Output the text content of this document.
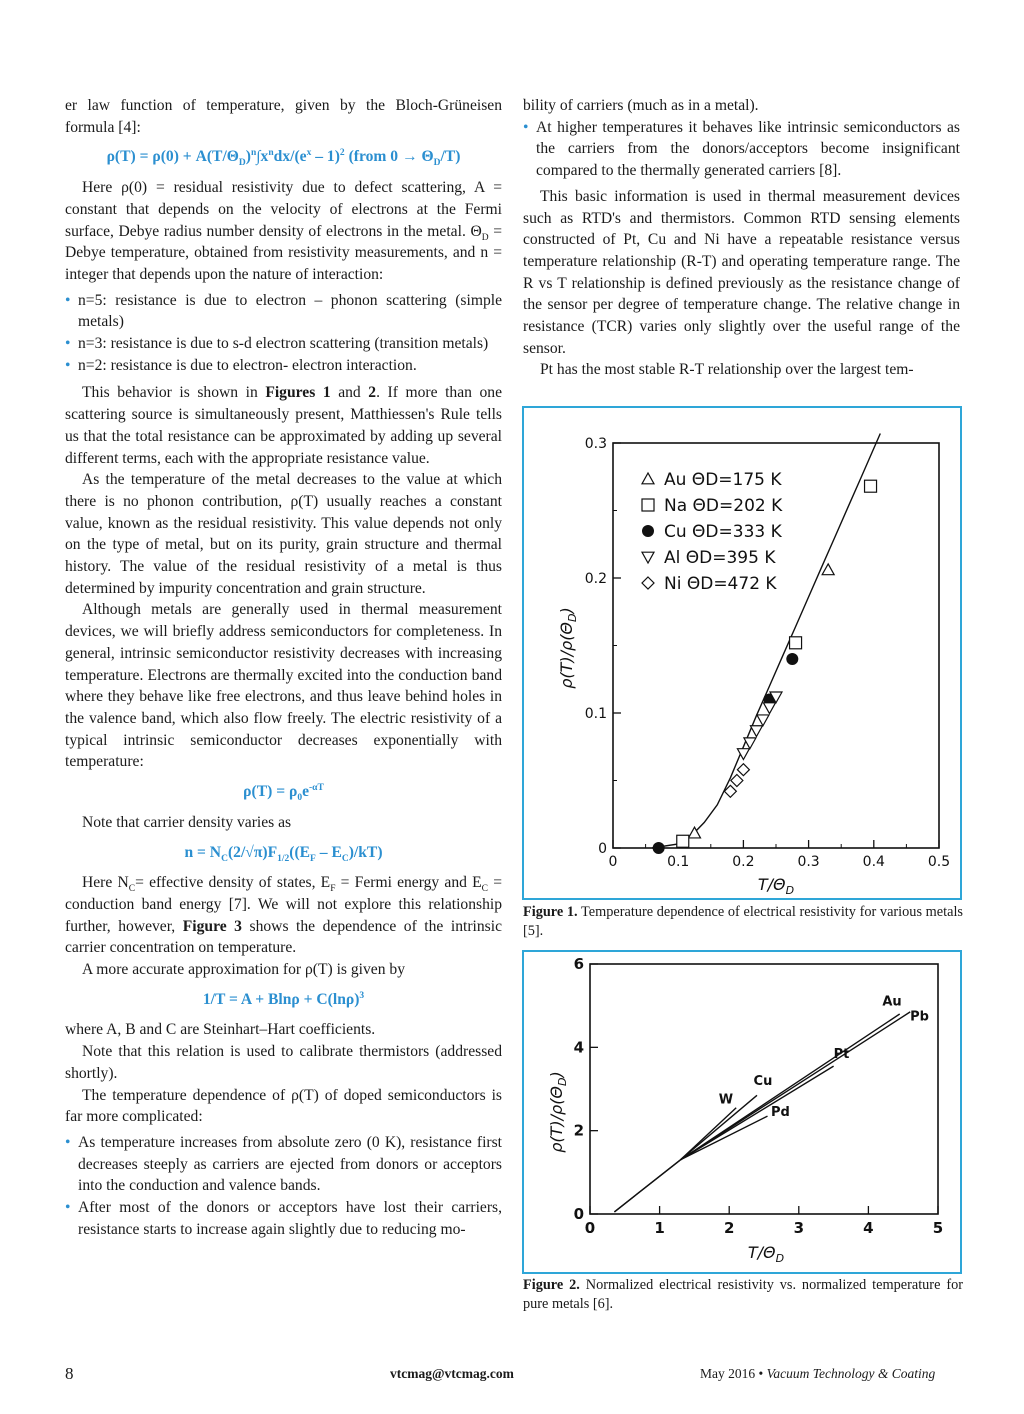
er law function of temperature, given by the Bloch-Grüneisen formula [4]:

$\rho(T) = \rho(0) + A(T/\Theta_D)^n\int x^ndx/(e^x - 1)^2$ (from $0 \to \Theta_D/T$)

Here ρ(0) = residual resistivity due to defect scattering, A = constant that depends on the velocity of electrons at the Fermi surface, Debye radius number density of electrons in the metal. $\Theta_D$ = Debye temperature, obtained from resistivity measurements, and n = integer that depends upon the nature of interaction:

• n=5: resistance is due to electron – phonon scattering (simple metals)
• n=3: resistance is due to s-d electron scattering (transition metals)
• n=2: resistance is due to electron- electron interaction.

This behavior is shown in Figures 1 and 2. If more than one scattering source is simultaneously present, Matthiessen's Rule tells us that the total resistance can be approximated by adding up several different terms, each with the appropriate resistance value.

As the temperature of the metal decreases to the value at which there is no phonon contribution, ρ(T) usually reaches a constant value, known as the residual resistivity. This value depends not only on the type of metal, but on its purity, grain structure and thermal history. The value of the residual resistivity of a metal is thus determined by impurity concentration and grain structure.

Although metals are generally used in thermal measurement devices, we will briefly address semiconductors for completeness. In general, intrinsic semiconductor resistivity decreases with increasing temperature. Electrons are thermally excited into the conduction band where they behave like free electrons, and thus leave behind holes in the valence band, which also flow freely. The electric resistivity of a typical intrinsic semiconductor decreases exponentially with temperature:

$\rho(T) = \rho_0e^{-\alpha T}$

Note that carrier density varies as

$n = N_C(2/√\pi)F_{1/2}((E_F - E_C)/kT)$

Here $N_C=$ effective density of states, $E_F$ = Fermi energy and $E_C$ = conduction band energy [7]. We will not explore this relationship further, however, Figure 3 shows the dependence of the intrinsic carrier concentration on temperature.

A more accurate approximation for ρ(T) is given by

$1/T = A + Bln\rho + C(\ln\rho)^3$

where A, B and C are Steinhart–Hart coefficients.

Note that this relation is used to calibrate thermistors (addressed shortly).

The temperature dependence of ρ(T) of doped semiconductors is far more complicated:

• As temperature increases from absolute zero (0 K), resistance first decreases steeply as carriers are ejected from donors or acceptors into the conduction and valence bands.
• After most of the donors or acceptors have lost their carriers, resistance starts to increase again slightly due to reducing mo-

bility of carriers (much as in a metal).

• At higher temperatures it behaves like intrinsic semiconductors as the carriers from the donors/acceptors become insignificant compared to the thermally generated carriers [8].

This basic information is used in thermal measurement devices such as RTD's and thermistors. Common RTD sensing elements constructed of Pt, Cu and Ni have a repeatable resistance versus temperature relationship (R-T) and operating temperature range. The R vs T relationship is defined previously as the resistance change of the sensor per degree of temperature change. The relative change in resistance (TCR) varies only slightly over the useful range of the sensor.

Pt has the most stable R-T relationship over the largest tem-

0	0.1	0.2	0.3	0.4	0.5
0
0.1
0.2
0.3
Au ΘD=175 K
Na ΘD=202 K
Cu ΘD=333 K
Al ΘD=395 K
Ni ΘD=472 K
$T/\Theta_D$
$\rho(T)/\rho(\Theta_D)$
Figure 1. Temperature dependence of electrical resistivity for various metals [5].
0	1	2	3	4	5
0
2
4
6
Au
Pb
Pt
Cu
W
Pd
$T/\Theta_D$
$\rho(T)/\rho(\Theta_D)$
Figure 2. Normalized electrical resistivity vs. normalized temperature for pure metals [6].
8	vtcmag@vtcmag.com	May 2016 • Vacuum Technology & Coating
